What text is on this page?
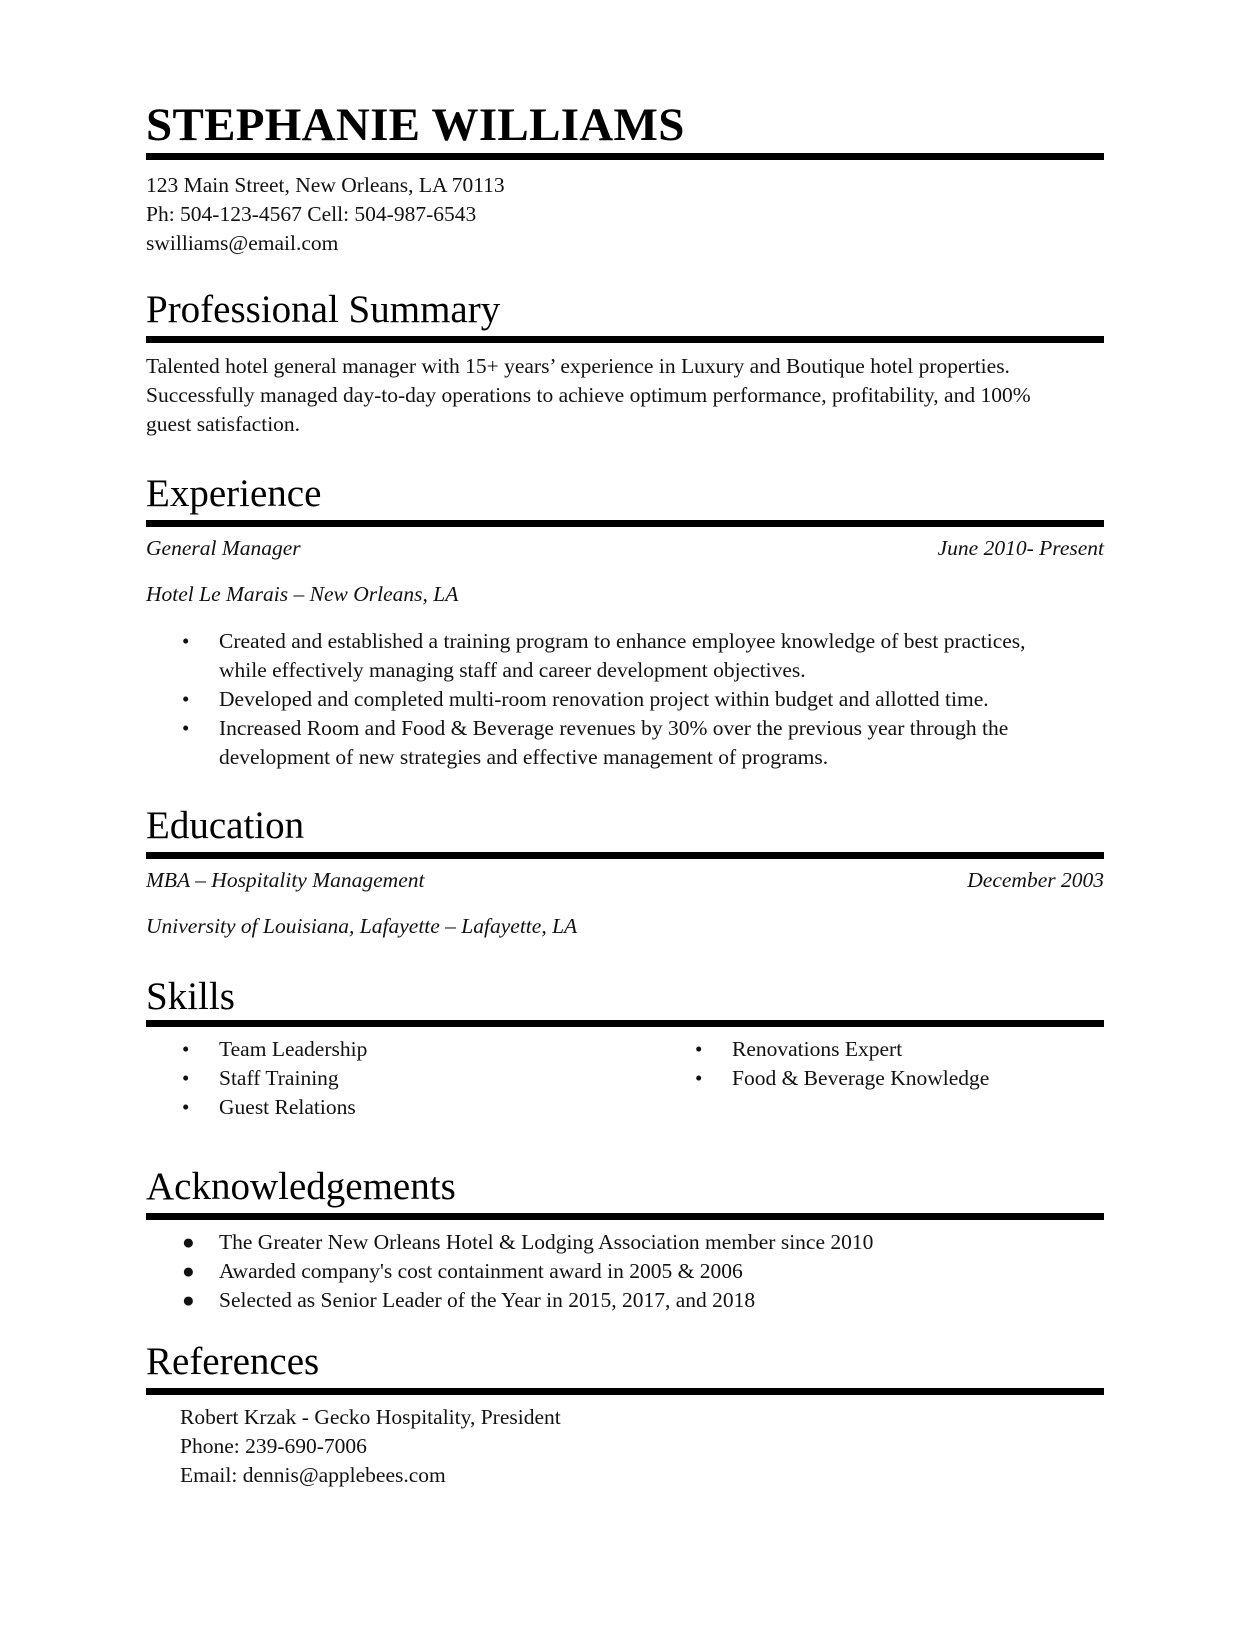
STEPHANIE WILLIAMS
123 Main Street, New Orleans, LA 70113
Ph: 504-123-4567 Cell: 504-987-6543
swilliams@email.com
Professional Summary
Talented hotel general manager with 15+ years’ experience in Luxury and Boutique hotel properties.
Successfully managed day-to-day operations to achieve optimum performance, profitability, and 100%
guest satisfaction.
Experience
General Manager	June 2010- Present
Hotel Le Marais – New Orleans, LA
• Created and established a training program to enhance employee knowledge of best practices,
while effectively managing staff and career development objectives.
• Developed and completed multi-room renovation project within budget and allotted time.
• Increased Room and Food & Beverage revenues by 30% over the previous year through the
development of new strategies and effective management of programs.
Education
MBA – Hospitality Management	December 2003
University of Louisiana, Lafayette – Lafayette, LA
Skills
• Team Leadership
• Staff Training
• Guest Relations
• Renovations Expert
• Food & Beverage Knowledge
Acknowledgements
● The Greater New Orleans Hotel & Lodging Association member since 2010
● Awarded company's cost containment award in 2005 & 2006
● Selected as Senior Leader of the Year in 2015, 2017, and 2018
References
Robert Krzak - Gecko Hospitality, President
Phone: 239-690-7006
Email: dennis@applebees.com
